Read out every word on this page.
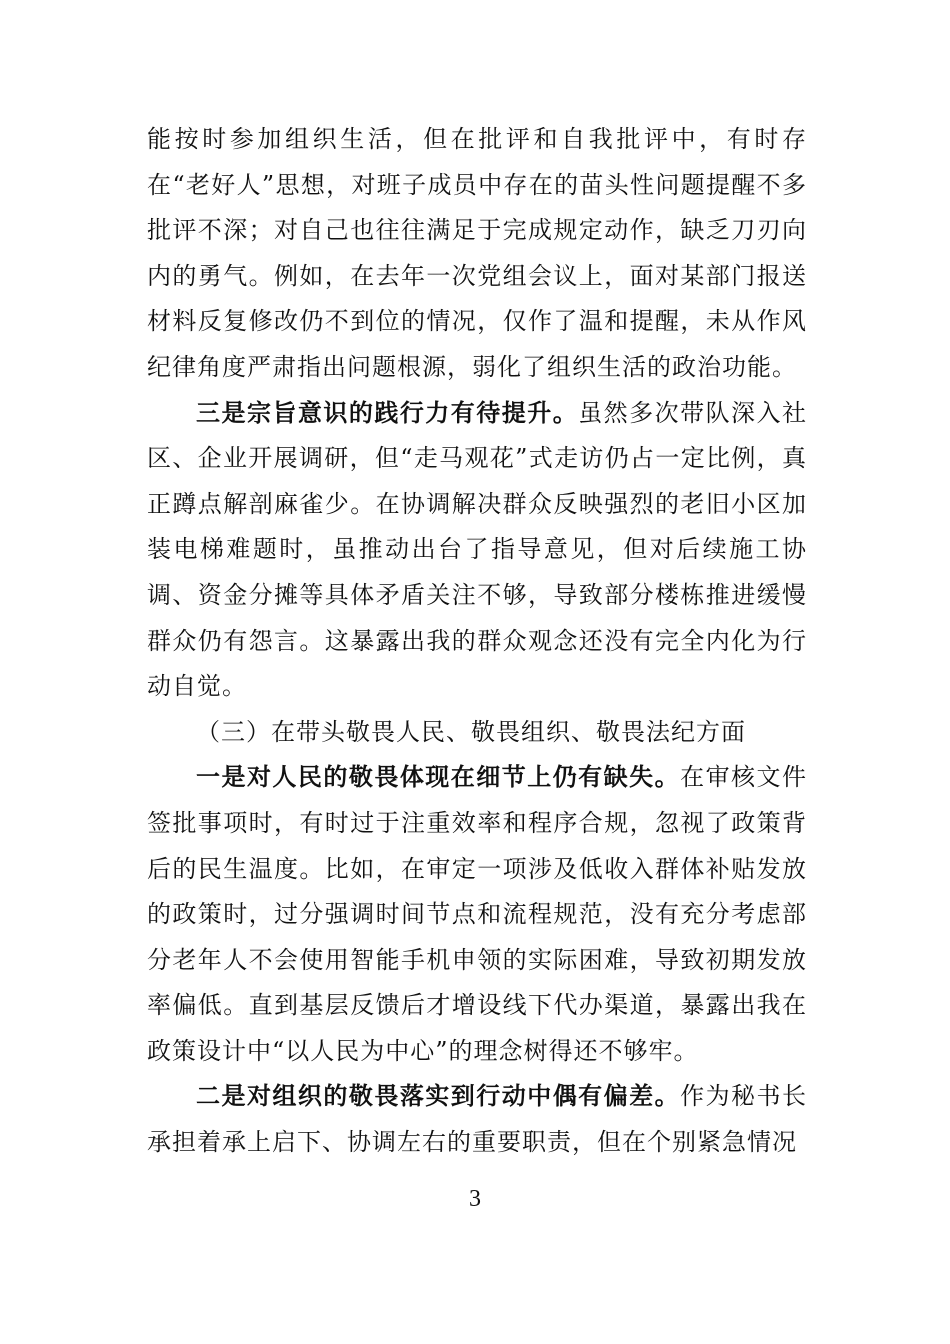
能按时参加组织生活，但在批评和自我批评中，有时存在“老好人”思想，对班子成员中存在的苗头性问题提醒不多批评不深；对自己也往往满足于完成规定动作，缺乏刀刃向内的勇气。例如，在去年一次党组会议上，面对某部门报送材料反复修改仍不到位的情况，仅作了温和提醒，未从作风纪律角度严肃指出问题根源，弱化了组织生活的政治功能。

三是宗旨意识的践行力有待提升。虽然多次带队深入社区、企业开展调研，但“走马观花”式走访仍占一定比例，真正蹲点解剖麻雀少。在协调解决群众反映强烈的老旧小区加装电梯难题时，虽推动出台了指导意见，但对后续施工协调、资金分摊等具体矛盾关注不够，导致部分楼栋推进缓慢群众仍有怨言。这暴露出我的群众观念还没有完全内化为行动自觉。

（三）在带头敬畏人民、敬畏组织、敬畏法纪方面

一是对人民的敬畏体现在细节上仍有缺失。在审核文件签批事项时，有时过于注重效率和程序合规，忽视了政策背后的民生温度。比如，在审定一项涉及低收入群体补贴发放的政策时，过分强调时间节点和流程规范，没有充分考虑部分老年人不会使用智能手机申领的实际困难，导致初期发放率偏低。直到基层反馈后才增设线下代办渠道，暴露出我在政策设计中“以人民为中心”的理念树得还不够牢。

二是对组织的敬畏落实到行动中偶有偏差。作为秘书长承担着承上启下、协调左右的重要职责，但在个别紧急情况

3
